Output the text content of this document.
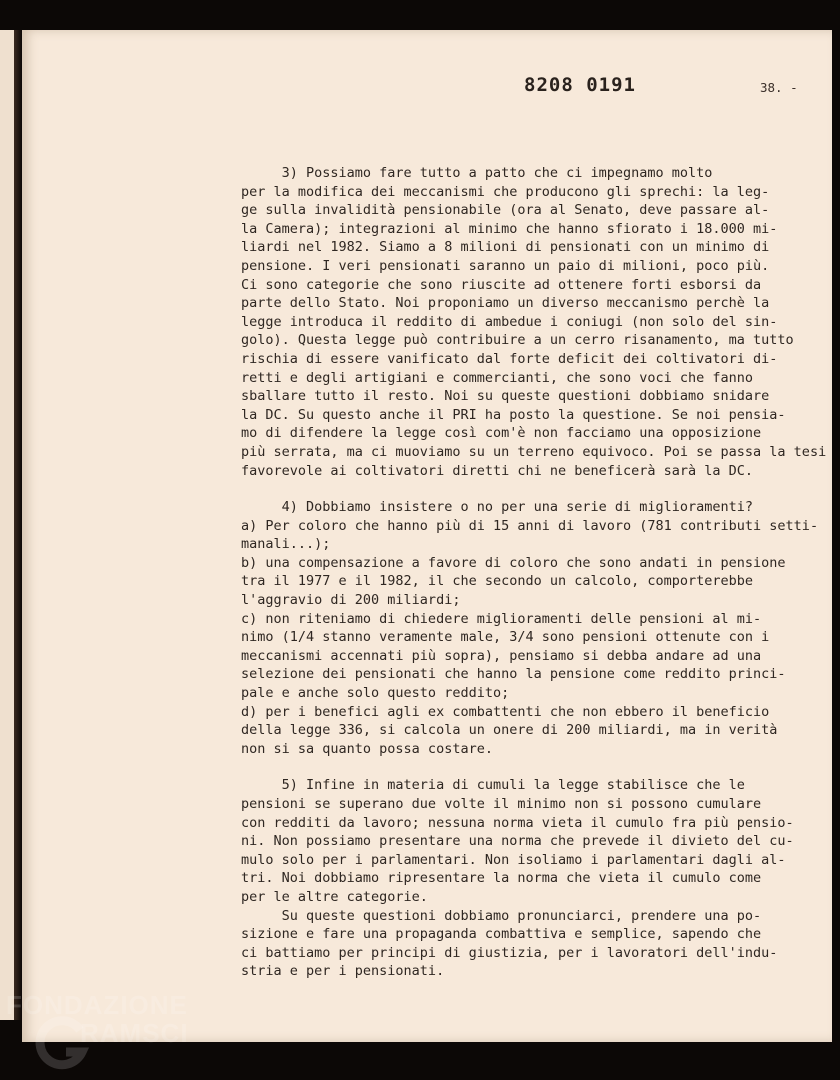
8208 0191	38. -
3) Possiamo fare tutto a patto che ci impegnamo molto
per la modifica dei meccanismi che producono gli sprechi: la leg-
ge sulla invalidità pensionabile (ora al Senato, deve passare al-
la Camera); integrazioni al minimo che hanno sfiorato i 18.000 mi-
liardi nel 1982. Siamo a 8 milioni di pensionati con un minimo di
pensione. I veri pensionati saranno un paio di milioni, poco più.
Ci sono categorie che sono riuscite ad ottenere forti esborsi da
parte dello Stato. Noi proponiamo un diverso meccanismo perchè la
legge introduca il reddito di ambedue i coniugi (non solo del sin-
golo). Questa legge può contribuire a un cerro risanamento, ma tutto
rischia di essere vanificato dal forte deficit dei coltivatori di-
retti e degli artigiani e commercianti, che sono voci che fanno
sballare tutto il resto. Noi su queste questioni dobbiamo snidare
la DC. Su questo anche il PRI ha posto la questione. Se noi pensia-
mo di difendere la legge così com'è non facciamo una opposizione
più serrata, ma ci muoviamo su un terreno equivoco. Poi se passa la tesi
favorevole ai coltivatori diretti chi ne beneficerà sarà la DC.
4) Dobbiamo insistere o no per una serie di miglioramenti?
a) Per coloro che hanno più di 15 anni di lavoro (781 contributi setti-
manali...);
b) una compensazione a favore di coloro che sono andati in pensione
tra il 1977 e il 1982, il che secondo un calcolo, comporterebbe
l'aggravio di 200 miliardi;
c) non riteniamo di chiedere miglioramenti delle pensioni al mi-
nimo (1/4 stanno veramente male, 3/4 sono pensioni ottenute con i
meccanismi accennati più sopra), pensiamo si debba andare ad una
selezione dei pensionati che hanno la pensione come reddito princi-
pale e anche solo questo reddito;
d) per i benefici agli ex combattenti che non ebbero il beneficio
della legge 336, si calcola un onere di 200 miliardi, ma in verità
non si sa quanto possa costare.
5) Infine in materia di cumuli la legge stabilisce che le
pensioni se superano due volte il minimo non si possono cumulare
con redditi da lavoro; nessuna norma vieta il cumulo fra più pensio-
ni. Non possiamo presentare una norma che prevede il divieto del cu-
mulo solo per i parlamentari. Non isoliamo i parlamentari dagli al-
tri. Noi dobbiamo ripresentare la norma che vieta il cumulo come
per le altre categorie.
Su queste questioni dobbiamo pronunciarci, prendere una po-
sizione e fare una propaganda combattiva e semplice, sapendo che
ci battiamo per principi di giustizia, per i lavoratori dell'indu-
stria e per i pensionati.
FONDAZIONE
RAMSCI
